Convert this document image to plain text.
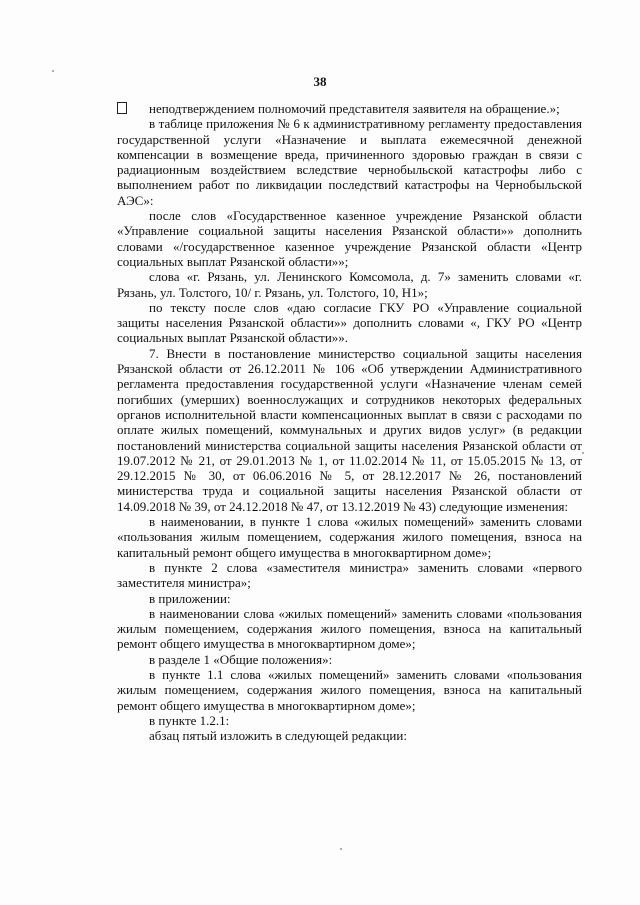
38

неподтверждением полномочий представителя заявителя на обращение.»;

в таблице приложения № 6 к административному регламенту предоставления государственной услуги «Назначение и выплата ежемесячной денежной компенсации в возмещение вреда, причиненного здоровью граждан в связи с радиационным воздействием вследствие чернобыльской катастрофы либо с выполнением работ по ликвидации последствий катастрофы на Чернобыльской АЭС»:

после слов «Государственное казенное учреждение Рязанской области «Управление социальной защиты населения Рязанской области»» дополнить словами «/государственное казенное учреждение Рязанской области «Центр социальных выплат Рязанской области»»;

слова «г. Рязань, ул. Ленинского Комсомола, д. 7» заменить словами «г. Рязань, ул. Толстого, 10/ г. Рязань, ул. Толстого, 10, Н1»;

по тексту после слов «даю согласие ГКУ РО «Управление социальной защиты населения Рязанской области»» дополнить словами «, ГКУ РО «Центр социальных выплат Рязанской области»».

7. Внести в постановление министерство социальной защиты населения Рязанской области от 26.12.2011 № 106 «Об утверждении Административного регламента предоставления государственной услуги «Назначение членам семей погибших (умерших) военнослужащих и сотрудников некоторых федеральных органов исполнительной власти компенсационных выплат в связи с расходами по оплате жилых помещений, коммунальных и других видов услуг» (в редакции постановлений министерства социальной защиты населения Рязанской области от 19.07.2012 № 21, от 29.01.2013 № 1, от 11.02.2014 № 11, от 15.05.2015 № 13, от 29.12.2015 № 30, от 06.06.2016 № 5, от 28.12.2017 № 26, постановлений министерства труда и социальной защиты населения Рязанской области от 14.09.2018 № 39, от 24.12.2018 № 47, от 13.12.2019 № 43) следующие изменения:

в наименовании, в пункте 1 слова «жилых помещений» заменить словами «пользования жилым помещением, содержания жилого помещения, взноса на капитальный ремонт общего имущества в многоквартирном доме»;

в пункте 2 слова «заместителя министра» заменить словами «первого заместителя министра»;

в приложении:

в наименовании слова «жилых помещений» заменить словами «пользования жилым помещением, содержания жилого помещения, взноса на капитальный ремонт общего имущества в многоквартирном доме»;

в разделе 1 «Общие положения»:

в пункте 1.1 слова «жилых помещений» заменить словами «пользования жилым помещением, содержания жилого помещения, взноса на капитальный ремонт общего имущества в многоквартирном доме»;

в пункте 1.2.1:

абзац пятый изложить в следующей редакции:
